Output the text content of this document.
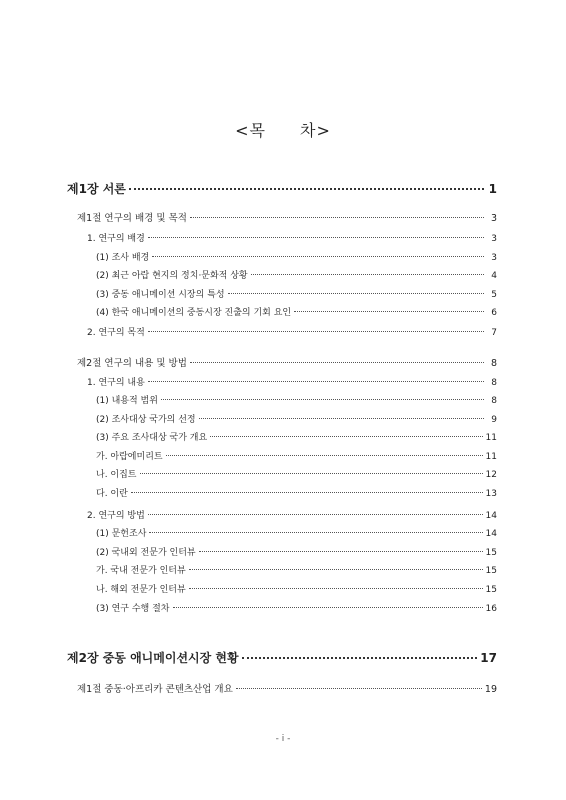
<목 차>
제1장 서론	1
제1절 연구의 배경 및 목적	3
1. 연구의 배경	3
(1) 조사 배경	3
(2) 최근 아랍 현지의 정치·문화적 상황	4
(3) 중동 애니메이션 시장의 특성	5
(4) 한국 애니메이션의 중동시장 진출의 기회 요인	6
2. 연구의 목적	7
제2절 연구의 내용 및 방법	8
1. 연구의 내용	8
(1) 내용적 범위	8
(2) 조사대상 국가의 선정	9
(3) 주요 조사대상 국가 개요	11
가. 아랍에미리트	11
나. 이집트	12
다. 이란	13
2. 연구의 방법	14
(1) 문헌조사	14
(2) 국내외 전문가 인터뷰	15
가. 국내 전문가 인터뷰	15
나. 해외 전문가 인터뷰	15
(3) 연구 수행 절차	16
제2장 중동 애니메이션시장 현황	17
제1절 중동·아프리카 콘텐츠산업 개요	19
- i -
